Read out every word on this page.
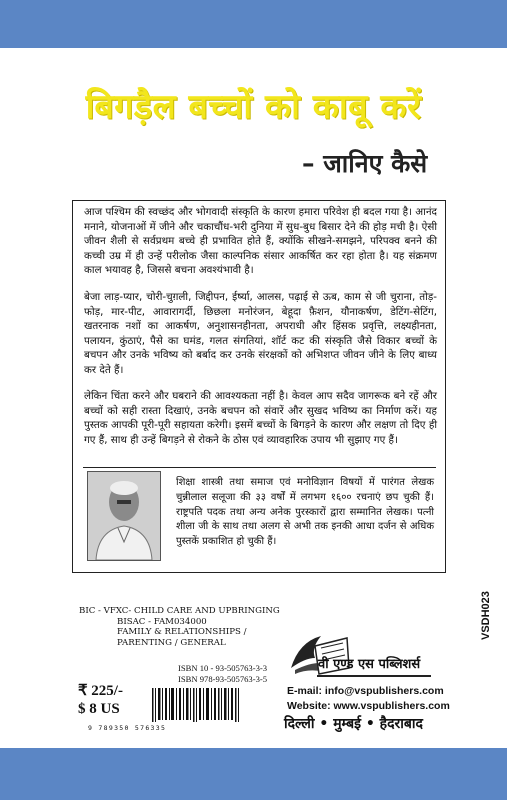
बिगड़ैल बच्चों को काबू करें
– जानिए कैसे

आज पश्चिम की स्वच्छंद और भोगवादी संस्कृति के कारण हमारा परिवेश ही बदल गया है। आनंद मनाने, योजनाओं में जीने और चकाचौंध-भरी दुनिया में सुध-बुध बिसार देने की होड़ मची है। ऐसी जीवन शैली से सर्वप्रथम बच्चे ही प्रभावित होते हैं, क्योंकि सीखने-समझने, परिपक्व बनने की कच्ची उम्र में ही उन्हें परीलोक जैसा काल्पनिक संसार आकर्षित कर रहा होता है। यह संक्रमण काल भयावह है, जिससे बचना अवश्यंभावी है।

बेजा लाड़-प्यार, चोरी-चुग़ली, जिद्दीपन, ईर्ष्या, आलस, पढ़ाई से ऊब, काम से जी चुराना, तोड़-फोड़, मार-पीट, आवारागर्दी, छिछला मनोरंजन, बेहूदा फ़ैशन, यौनाकर्षण, डेटिंग-सेटिंग, खतरनाक नशों का आकर्षण, अनुशासनहीनता, अपराधी और हिंसक प्रवृत्ति, लक्ष्यहीनता, पलायन, कुंठाएं, पैसे का घमंड, गलत संगतियां, शॉर्ट कट की संस्कृति जैसे विकार बच्चों के बचपन और उनके भविष्य को बर्बाद कर उनके संरक्षकों को अभिशप्त जीवन जीने के लिए बाध्य कर देते हैं।

लेकिन चिंता करने और घबराने की आवश्यकता नहीं है। केवल आप सदैव जागरूक बने रहें और बच्चों को सही रास्ता दिखाएं, उनके बचपन को संवारें और सुखद भविष्य का निर्माण करें। यह पुस्तक आपकी पूरी-पूरी सहायता करेगी। इसमें बच्चों के बिगड़ने के कारण और लक्षण तो दिए ही गए हैं, साथ ही उन्हें बिगड़ने से रोकने के ठोस एवं व्यावहारिक उपाय भी सुझाए गए हैं।

शिक्षा शास्त्री तथा समाज एवं मनोविज्ञान विषयों में पारंगत लेखक चुन्नीलाल सलूजा की ३३ वर्षों में लगभग १६०० रचनाएं छप चुकी हैं। राष्ट्रपति पदक तथा अन्य अनेक पुरस्कारों द्वारा सम्मानित लेखक। पत्नी शीला जी के साथ तथा अलग से अभी तक इनकी आधा दर्जन से अधिक पुस्तकें प्रकाशित हो चुकी हैं।

BIC - VFXC- CHILD CARE AND UPBRINGING
BISAC - FAM034000
FAMILY & RELATIONSHIPS /
PARENTING / GENERAL
ISBN 10 - 93-505763-3-3
ISBN 978-93-505763-3-5
₹ 225/-
$ 8 US
9 789350 576335
VSDH023
वी एण्ड एस पब्लिशर्स
E-mail: info@vspublishers.com
Website: www.vspublishers.com
दिल्ली • मुम्बई • हैदराबाद
